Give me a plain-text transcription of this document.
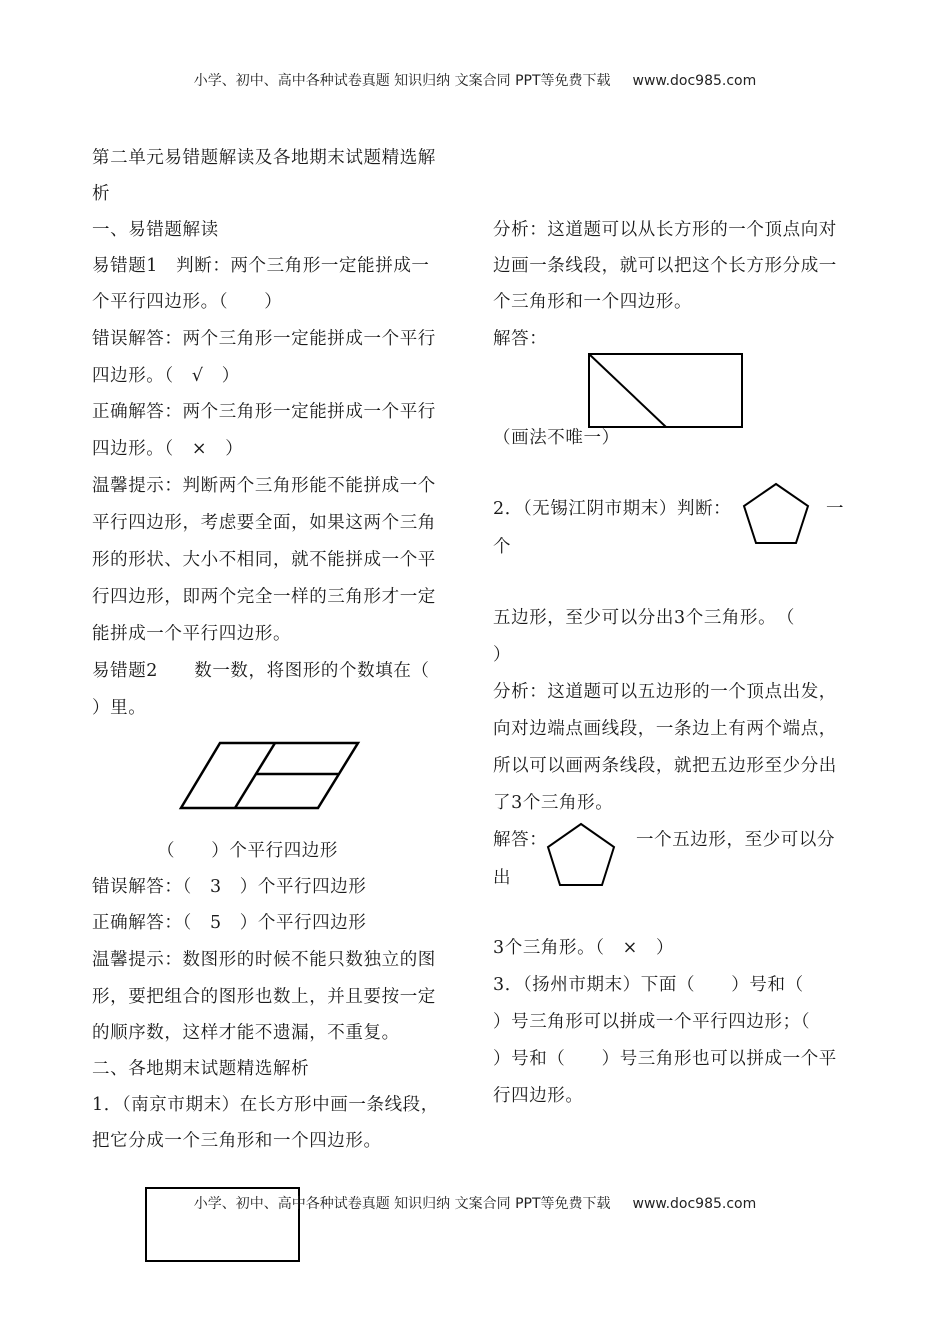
小学、初中、高中各种试卷真题 知识归纳 文案合同 PPT等免费下载 www.doc985.com
第二单元易错题解读及各地期末试题精选解
析
一、易错题解读
易错题1　判断：两个三角形一定能拼成一
个平行四边形。（　　）
错误解答：两个三角形一定能拼成一个平行
四边形。（　√　）
正确解答：两个三角形一定能拼成一个平行
四边形。（　×　）
温馨提示：判断两个三角形能不能拼成一个
平行四边形，考虑要全面，如果这两个三角
形的形状、大小不相同，就不能拼成一个平
行四边形，即两个完全一样的三角形才一定
能拼成一个平行四边形。
易错题2　　数一数，将图形的个数填在（
）里。
（　　）个平行四边形
错误解答：（　3　）个平行四边形
正确解答：（　5　）个平行四边形
温馨提示：数图形的时候不能只数独立的图
形，要把组合的图形也数上，并且要按一定
的顺序数，这样才能不遗漏，不重复。
二、各地期末试题精选解析
1．（南京市期末）在长方形中画一条线段，
把它分成一个三角形和一个四边形。
分析：这道题可以从长方形的一个顶点向对
边画一条线段，就可以把这个长方形分成一
个三角形和一个四边形。
解答：
（画法不唯一）
2．（无锡江阴市期末）判断：	一
个
五边形，至少可以分出3个三角形。　（
）
分析：这道题可以五边形的一个顶点出发，
向对边端点画线段，一条边上有两个端点，
所以可以画两条线段，就把五边形至少分出
了3个三角形。
解答：	一个五边形，至少可以分
出
3个三角形。（　×　）
3．（扬州市期末）下面（　　）号和（
）号三角形可以拼成一个平行四边形；（
）号和（　　）号三角形也可以拼成一个平
行四边形。
小学、初中、高中各种试卷真题 知识归纳 文案合同 PPT等免费下载 www.doc985.com
